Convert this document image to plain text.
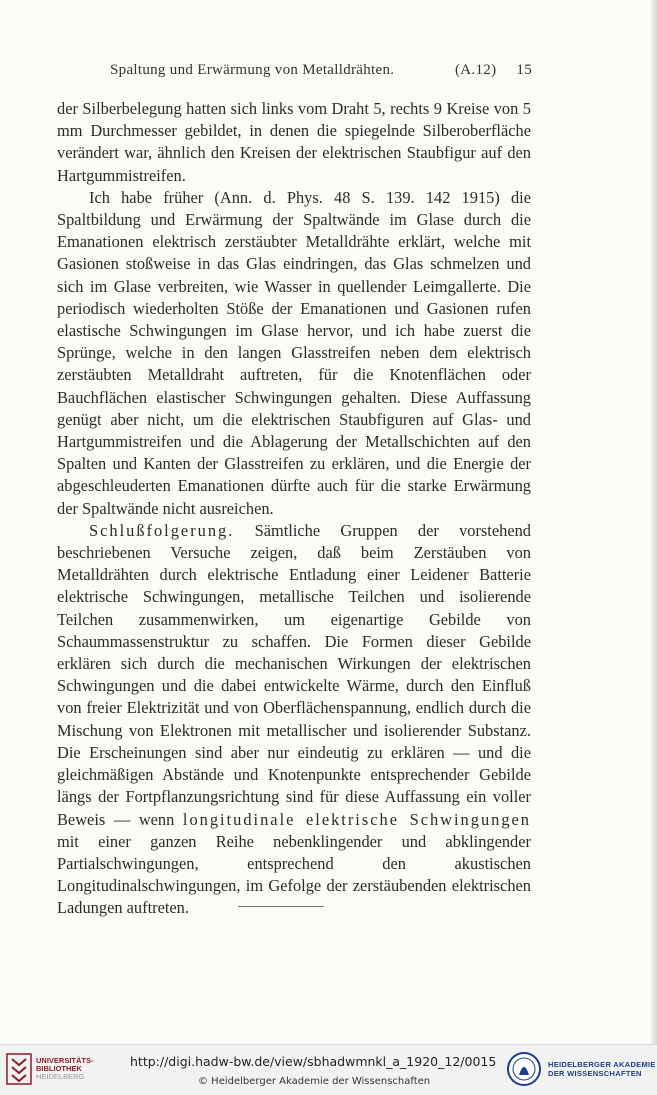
Spaltung und Erwärmung von Metalldrähten.	(A.12) 15

der Silberbelegung hatten sich links vom Draht 5, rechts 9 Kreise von 5 mm Durchmesser gebildet, in denen die spiegelnde Silberoberfläche verändert war, ähnlich den Kreisen der elektrischen Staubfigur auf den Hartgummistreifen.

Ich habe früher (Ann. d. Phys. 48 S. 139. 142 1915) die Spaltbildung und Erwärmung der Spaltwände im Glase durch die Emanationen elektrisch zerstäubter Metalldrähte erklärt, welche mit Gasionen stoßweise in das Glas eindringen, das Glas schmelzen und sich im Glase verbreiten, wie Wasser in quellender Leimgallerte. Die periodisch wiederholten Stöße der Emanationen und Gasionen rufen elastische Schwingungen im Glase hervor, und ich habe zuerst die Sprünge, welche in den langen Glasstreifen neben dem elektrisch zerstäubten Metalldraht auftreten, für die Knotenflächen oder Bauchflächen elastischer Schwingungen gehalten. Diese Auffassung genügt aber nicht, um die elektrischen Staubfiguren auf Glas- und Hartgummistreifen und die Ablagerung der Metallschichten auf den Spalten und Kanten der Glasstreifen zu erklären, und die Energie der abgeschleuderten Emanationen dürfte auch für die starke Erwärmung der Spaltwände nicht ausreichen.

Schlußfolgerung. Sämtliche Gruppen der vorstehend beschriebenen Versuche zeigen, daß beim Zerstäuben von Metalldrähten durch elektrische Entladung einer Leidener Batterie elektrische Schwingungen, metallische Teilchen und isolierende Teilchen zusammenwirken, um eigenartige Gebilde von Schaummassenstruktur zu schaffen. Die Formen dieser Gebilde erklären sich durch die mechanischen Wirkungen der elektrischen Schwingungen und die dabei entwickelte Wärme, durch den Einfluß von freier Elektrizität und von Oberflächenspannung, endlich durch die Mischung von Elektronen mit metallischer und isolierender Substanz. Die Erscheinungen sind aber nur eindeutig zu erklären — und die gleichmäßigen Abstände und Knotenpunkte entsprechender Gebilde längs der Fortpflanzungsrichtung sind für diese Auffassung ein voller Beweis — wenn longitudinale elektrische Schwingungen mit einer ganzen Reihe nebenklingender und abklingender Partialschwingungen, entsprechend den akustischen Longitudinalschwingungen, im Gefolge der zerstäubenden elektrischen Ladungen auftreten.

UNIVERSITÄTS-
BIBLIOTHEK
HEIDELBERG
http://digi.hadw-bw.de/view/sbhadwmnkl_a_1920_12/0015
© Heidelberger Akademie der Wissenschaften
HEIDELBERGER AKADEMIE
DER WISSENSCHAFTEN
